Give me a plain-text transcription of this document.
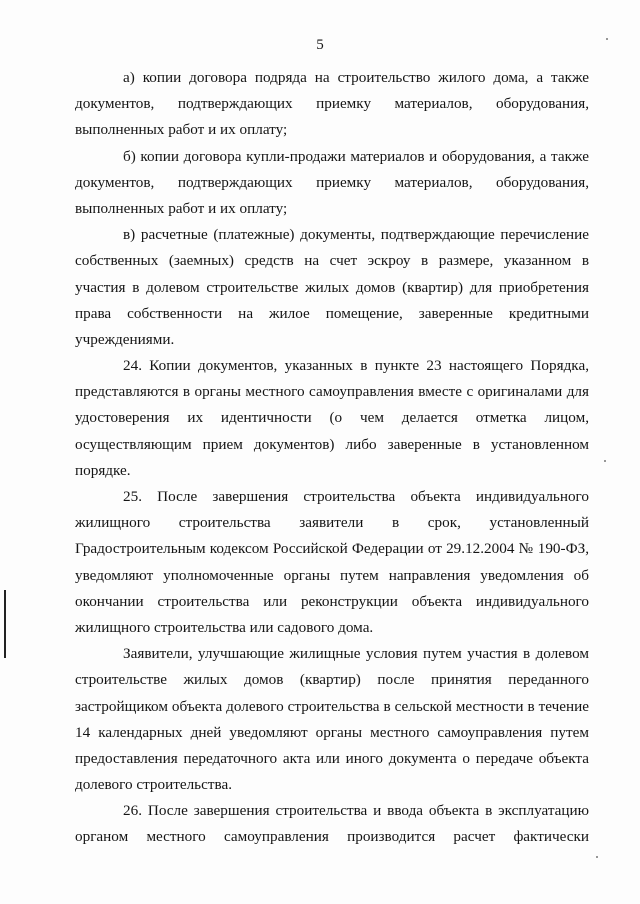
5
а) копии договора подряда на строительство жилого дома, а также
документов, подтверждающих приемку материалов, оборудования,
выполненных работ и их оплату;
б) копии договора купли-продажи материалов и оборудования, а также
документов, подтверждающих приемку материалов, оборудования,
выполненных работ и их оплату;
в) расчетные (платежные) документы, подтверждающие перечисление
собственных (заемных) средств на счет эскроу в размере, указанном в
участия в долевом строительстве жилых домов (квартир) для приобретения
права собственности на жилое помещение, заверенные кредитными
учреждениями.
24. Копии документов, указанных в пункте 23 настоящего Порядка,
представляются в органы местного самоуправления вместе с оригиналами для
удостоверения их идентичности (о чем делается отметка лицом,
осуществляющим прием документов) либо заверенные в установленном
порядке.
25. После завершения строительства объекта индивидуального
жилищного строительства заявители в срок, установленный
Градостроительным кодексом Российской Федерации от 29.12.2004 № 190-ФЗ,
уведомляют уполномоченные органы путем направления уведомления об
окончании строительства или реконструкции объекта индивидуального
жилищного строительства или садового дома.
Заявители, улучшающие жилищные условия путем участия в долевом
строительстве жилых домов (квартир) после принятия переданного
застройщиком объекта долевого строительства в сельской местности в течение
14 календарных дней уведомляют органы местного самоуправления путем
предоставления передаточного акта или иного документа о передаче объекта
долевого строительства.
26. После завершения строительства и ввода объекта в эксплуатацию
органом местного самоуправления производится расчет фактически
